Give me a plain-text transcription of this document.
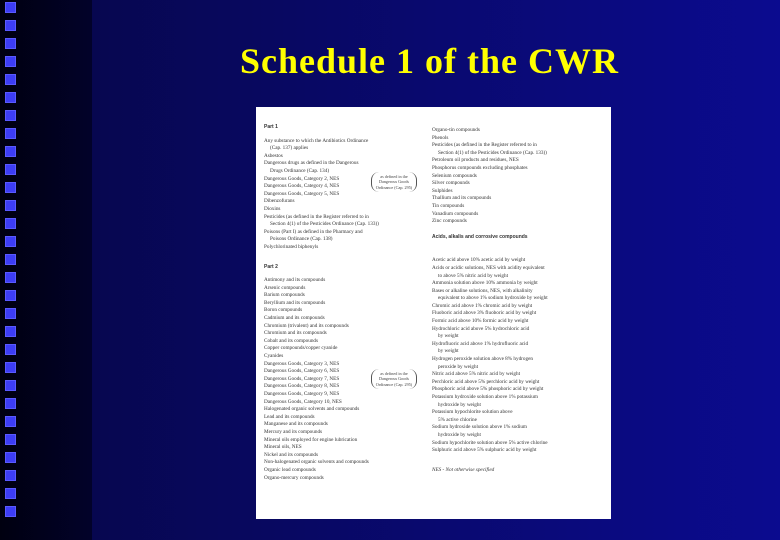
Schedule 1 of the CWR
Part 1
Any substance to which the Antibiotics Ordinance
(Cap. 137) applies
Asbestos
Dangerous drugs as defined in the Dangerous
Drugs Ordinance (Cap. 134)
Dangerous Goods, Category 2, NES
Dangerous Goods, Category 4, NES
Dangerous Goods, Category 5, NES
Dibenzofurans
Dioxins
Pesticides (as defined in the Register referred to in
Section 4(1) of the Pesticides Ordinance (Cap. 133))
Poisons (Part I) as defined in the Pharmacy and
Poisons Ordinance (Cap. 138)
Polychlorinated biphenyls
Part 2
Antimony and its compounds
Arsenic compounds
Barium compounds
Beryllium and its compounds
Boron compounds
Cadmium and its compounds
Chromium (trivalent) and its compounds
Chromium and its compounds
Cobalt and its compounds
Copper compounds/copper cyanide
Cyanides
Dangerous Goods, Category 3, NES
Dangerous Goods, Category 6, NES
Dangerous Goods, Category 7, NES
Dangerous Goods, Category 8, NES
Dangerous Goods, Category 9, NES
Dangerous Goods, Category 10, NES
Halogenated organic solvents and compounds
Lead and its compounds
Manganese and its compounds
Mercury and its compounds
Mineral oils employed for engine lubrication
Mineral oils, NES
Nickel and its compounds
Non-halogenated organic solvents and compounds
Organic lead compounds
Organo-mercury compounds
as defined in the Dangerous Goods Ordinance (Cap. 295)
as defined in the Dangerous Goods Ordinance (Cap. 295)
Organo-tin compounds
Phenols
Pesticides (as defined in the Register referred to in
Section 4(1) of the Pesticides Ordinance (Cap. 133))
Petroleum oil products and residues, NES
Phosphorus compounds excluding phosphates
Selenium compounds
Silver compounds
Sulphides
Thallium and its compounds
Tin compounds
Vanadium compounds
Zinc compounds
Acids, alkalis and corrosive compounds
Acetic acid above 10% acetic acid by weight
Acids or acidic solutions, NES with acidity equivalent
to above 5% nitric acid by weight
Ammonia solution above 10% ammonia by weight
Bases or alkaline solutions, NES, with alkalinity
equivalent to above 1% sodium hydroxide by weight
Chromic acid above 1% chromic acid by weight
Fluoboric acid above 3% fluoboric acid by weight
Formic acid above 10% formic acid by weight
Hydrochloric acid above 5% hydrochloric acid
by weight
Hydrofluoric acid above 1% hydrofluoric acid
by weight
Hydrogen peroxide solution above 8% hydrogen
peroxide by weight
Nitric acid above 5% nitric acid by weight
Perchloric acid above 5% perchloric acid by weight
Phosphoric acid above 5% phosphoric acid by weight
Potassium hydroxide solution above 1% potassium
hydroxide by weight
Potassium hypochlorite solution above
5% active chlorine
Sodium hydroxide solution above 1% sodium
hydroxide by weight
Sodium hypochlorite solution above 5% active chlorine
Sulphuric acid above 5% sulphuric acid by weight
NES - Not otherwise specified
